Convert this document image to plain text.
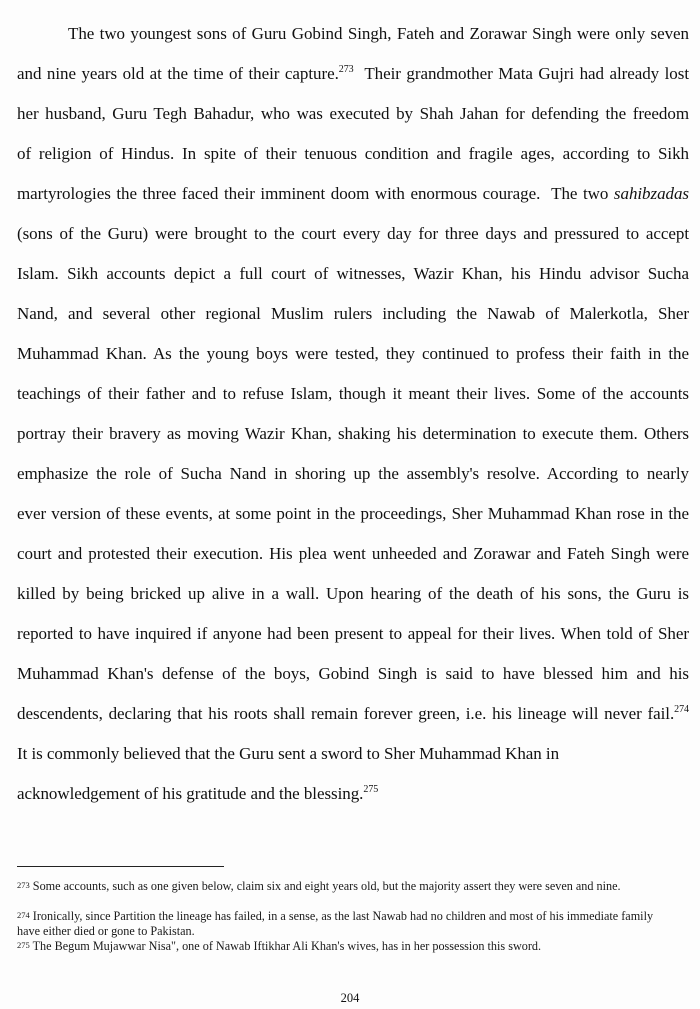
The two youngest sons of Guru Gobind Singh, Fateh and Zorawar Singh were only seven
and nine years old at the time of their capture.$^{273}$  Their grandmother Mata Gujri had already lost
her husband, Guru Tegh Bahadur, who was executed by Shah Jahan for defending the freedom
of religion of Hindus. In spite of their tenuous condition and fragile ages, according to Sikh
martyrologies the three faced their imminent doom with enormous courage.  The two sahibzadas
(sons of the Guru) were brought to the court every day for three days and pressured to accept
Islam. Sikh accounts depict a full court of witnesses, Wazir Khan, his Hindu advisor Sucha
Nand, and several other regional Muslim rulers including the Nawab of Malerkotla, Sher
Muhammad Khan. As the young boys were tested, they continued to profess their faith in the
teachings of their father and to refuse Islam, though it meant their lives. Some of the accounts
portray their bravery as moving Wazir Khan, shaking his determination to execute them. Others
emphasize the role of Sucha Nand in shoring up the assembly's resolve. According to nearly
ever version of these events, at some point in the proceedings, Sher Muhammad Khan rose in the
court and protested their execution. His plea went unheeded and Zorawar and Fateh Singh were
killed by being bricked up alive in a wall. Upon hearing of the death of his sons, the Guru is
reported to have inquired if anyone had been present to appeal for their lives. When told of Sher
Muhammad Khan's defense of the boys, Gobind Singh is said to have blessed him and his
descendents, declaring that his roots shall remain forever green, i.e. his lineage will never fail.$^{274}$
It is commonly believed that the Guru sent a sword to Sher Muhammad Khan in
acknowledgement of his gratitude and the blessing.$^{275}$
273 Some accounts, such as one given below, claim six and eight years old, but the majority assert they were seven and nine.
274 Ironically, since Partition the lineage has failed, in a sense, as the last Nawab had no children and most of his immediate family have either died or gone to Pakistan.
275 The Begum Mujawwar Nisa", one of Nawab Iftikhar Ali Khan's wives, has in her possession this sword.
204
